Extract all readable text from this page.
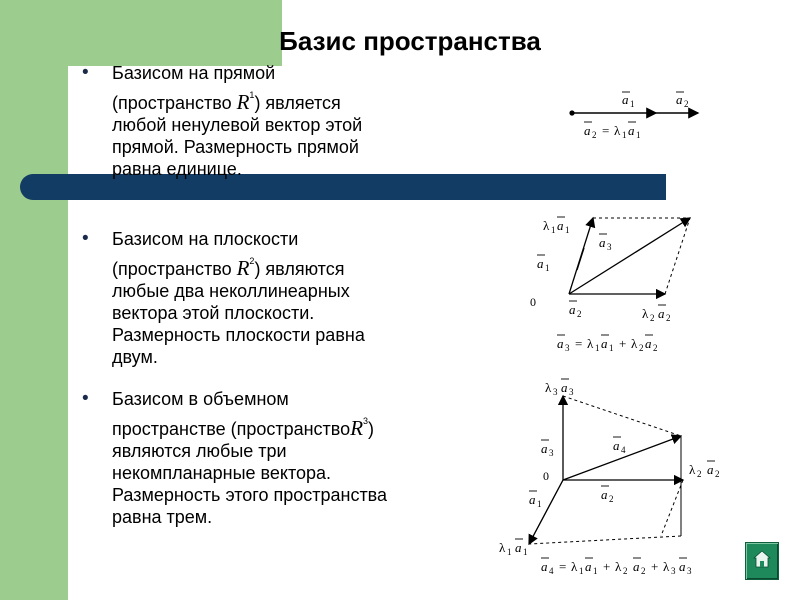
Базис пространства
• Базисом на прямой
(пространство $R^1$) является
любой ненулевой вектор этой
прямой. Размерность прямой
равна единице.
• Базисом на плоскости
(пространство $R^2$) являются
любые два неколлинеарных
вектора этой плоскости.
Размерность плоскости равна
двум.
• Базисом в объемном
пространстве (пространствоR$^3$)
являются любые три
некомпланарные вектора.
Размерность этого пространства
равна трем.
a 1	a 2
a 2 = λ 1 a 1
0
λ 1 a 1
a 1
a 3
a 2	λ 2 a 2
a 3 = λ 1 a 1 + λ 2 a 2
0
λ 3 a 3
a 3	a 4
λ 2 a 2
a 2
a 1
λ 1 a 1
a 4 = λ 1 a 1 + λ 2 a 2 + λ 3 a 3
